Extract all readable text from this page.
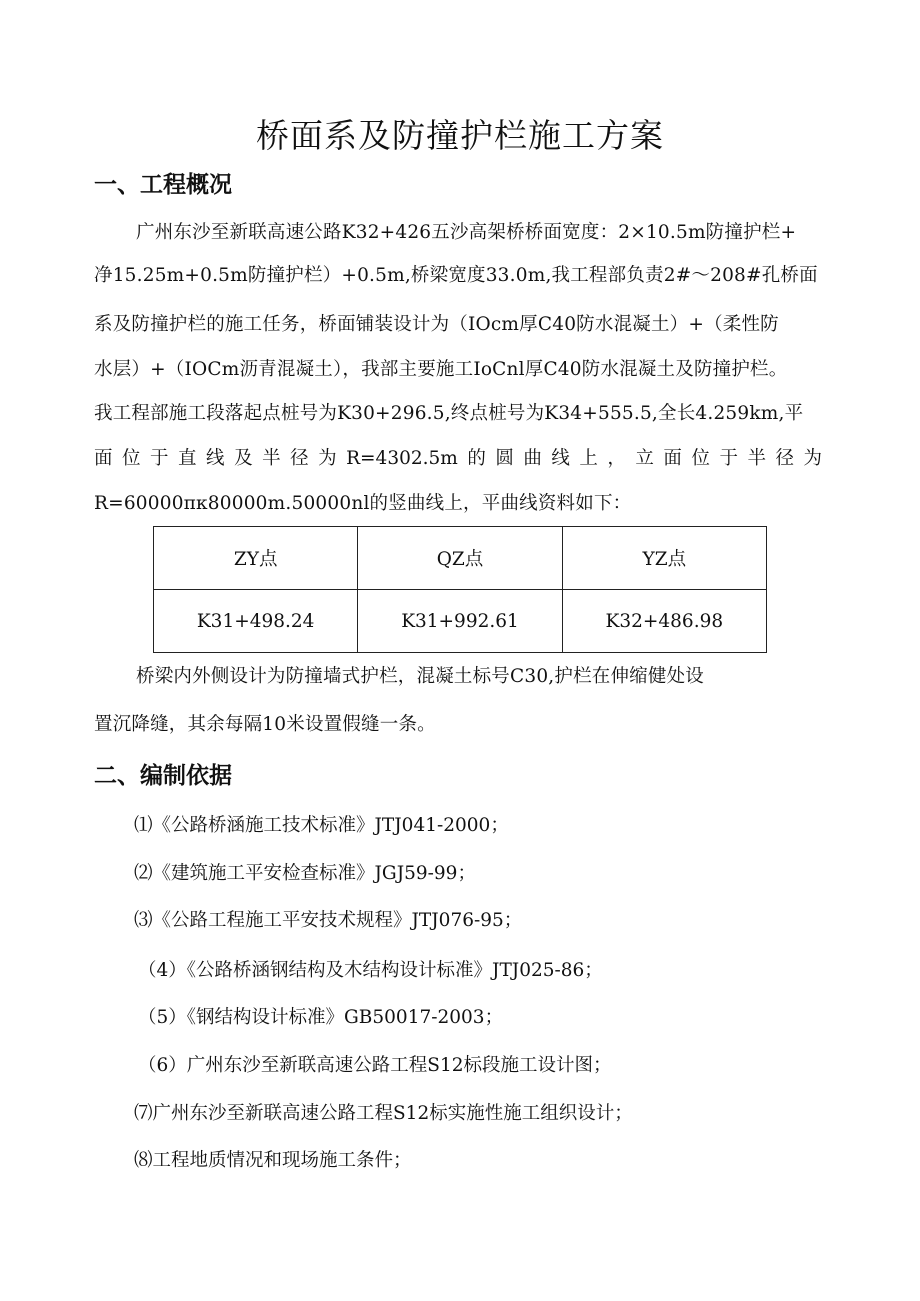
桥面系及防撞护栏施工方案
一、工程概况
广州东沙至新联高速公路K32+426五沙高架桥桥面宽度：2×10.5m防撞护栏+
净15.25m+0.5m防撞护栏）+0.5m,桥梁宽度33.0m,我工程部负责2#～208#孔桥面
系及防撞护栏的施工任务，桥面铺装设计为（IOcm厚C40防水混凝土）+（柔性防
水层）+（IOCm沥青混凝土），我部主要施工IoCnl厚C40防水混凝土及防撞护栏。
我工程部施工段落起点桩号为K30+296.5,终点桩号为K34+555.5,全长4.259km,平
面位于直线及半径为R=4302.5m的圆曲线上，立面位于半径为
R=60000πκ80000m.50000nl的竖曲线上，平曲线资料如下：
ZY点	QZ点	YZ点
K31+498.24	K31+992.61	K32+486.98
桥梁内外侧设计为防撞墙式护栏，混凝土标号C30,护栏在伸缩健处设
置沉降缝，其余每隔10米设置假缝一条。
二、编制依据
⑴《公路桥涵施工技术标准》JTJ041-2000；
⑵《建筑施工平安检查标准》JGJ59-99；
⑶《公路工程施工平安技术规程》JTJ076-95；
（4）《公路桥涵钢结构及木结构设计标准》JTJ025-86；
（5）《钢结构设计标准》GB50017-2003；
（6）广州东沙至新联高速公路工程S12标段施工设计图；
⑺广州东沙至新联高速公路工程S12标实施性施工组织设计；
⑻工程地质情况和现场施工条件；
